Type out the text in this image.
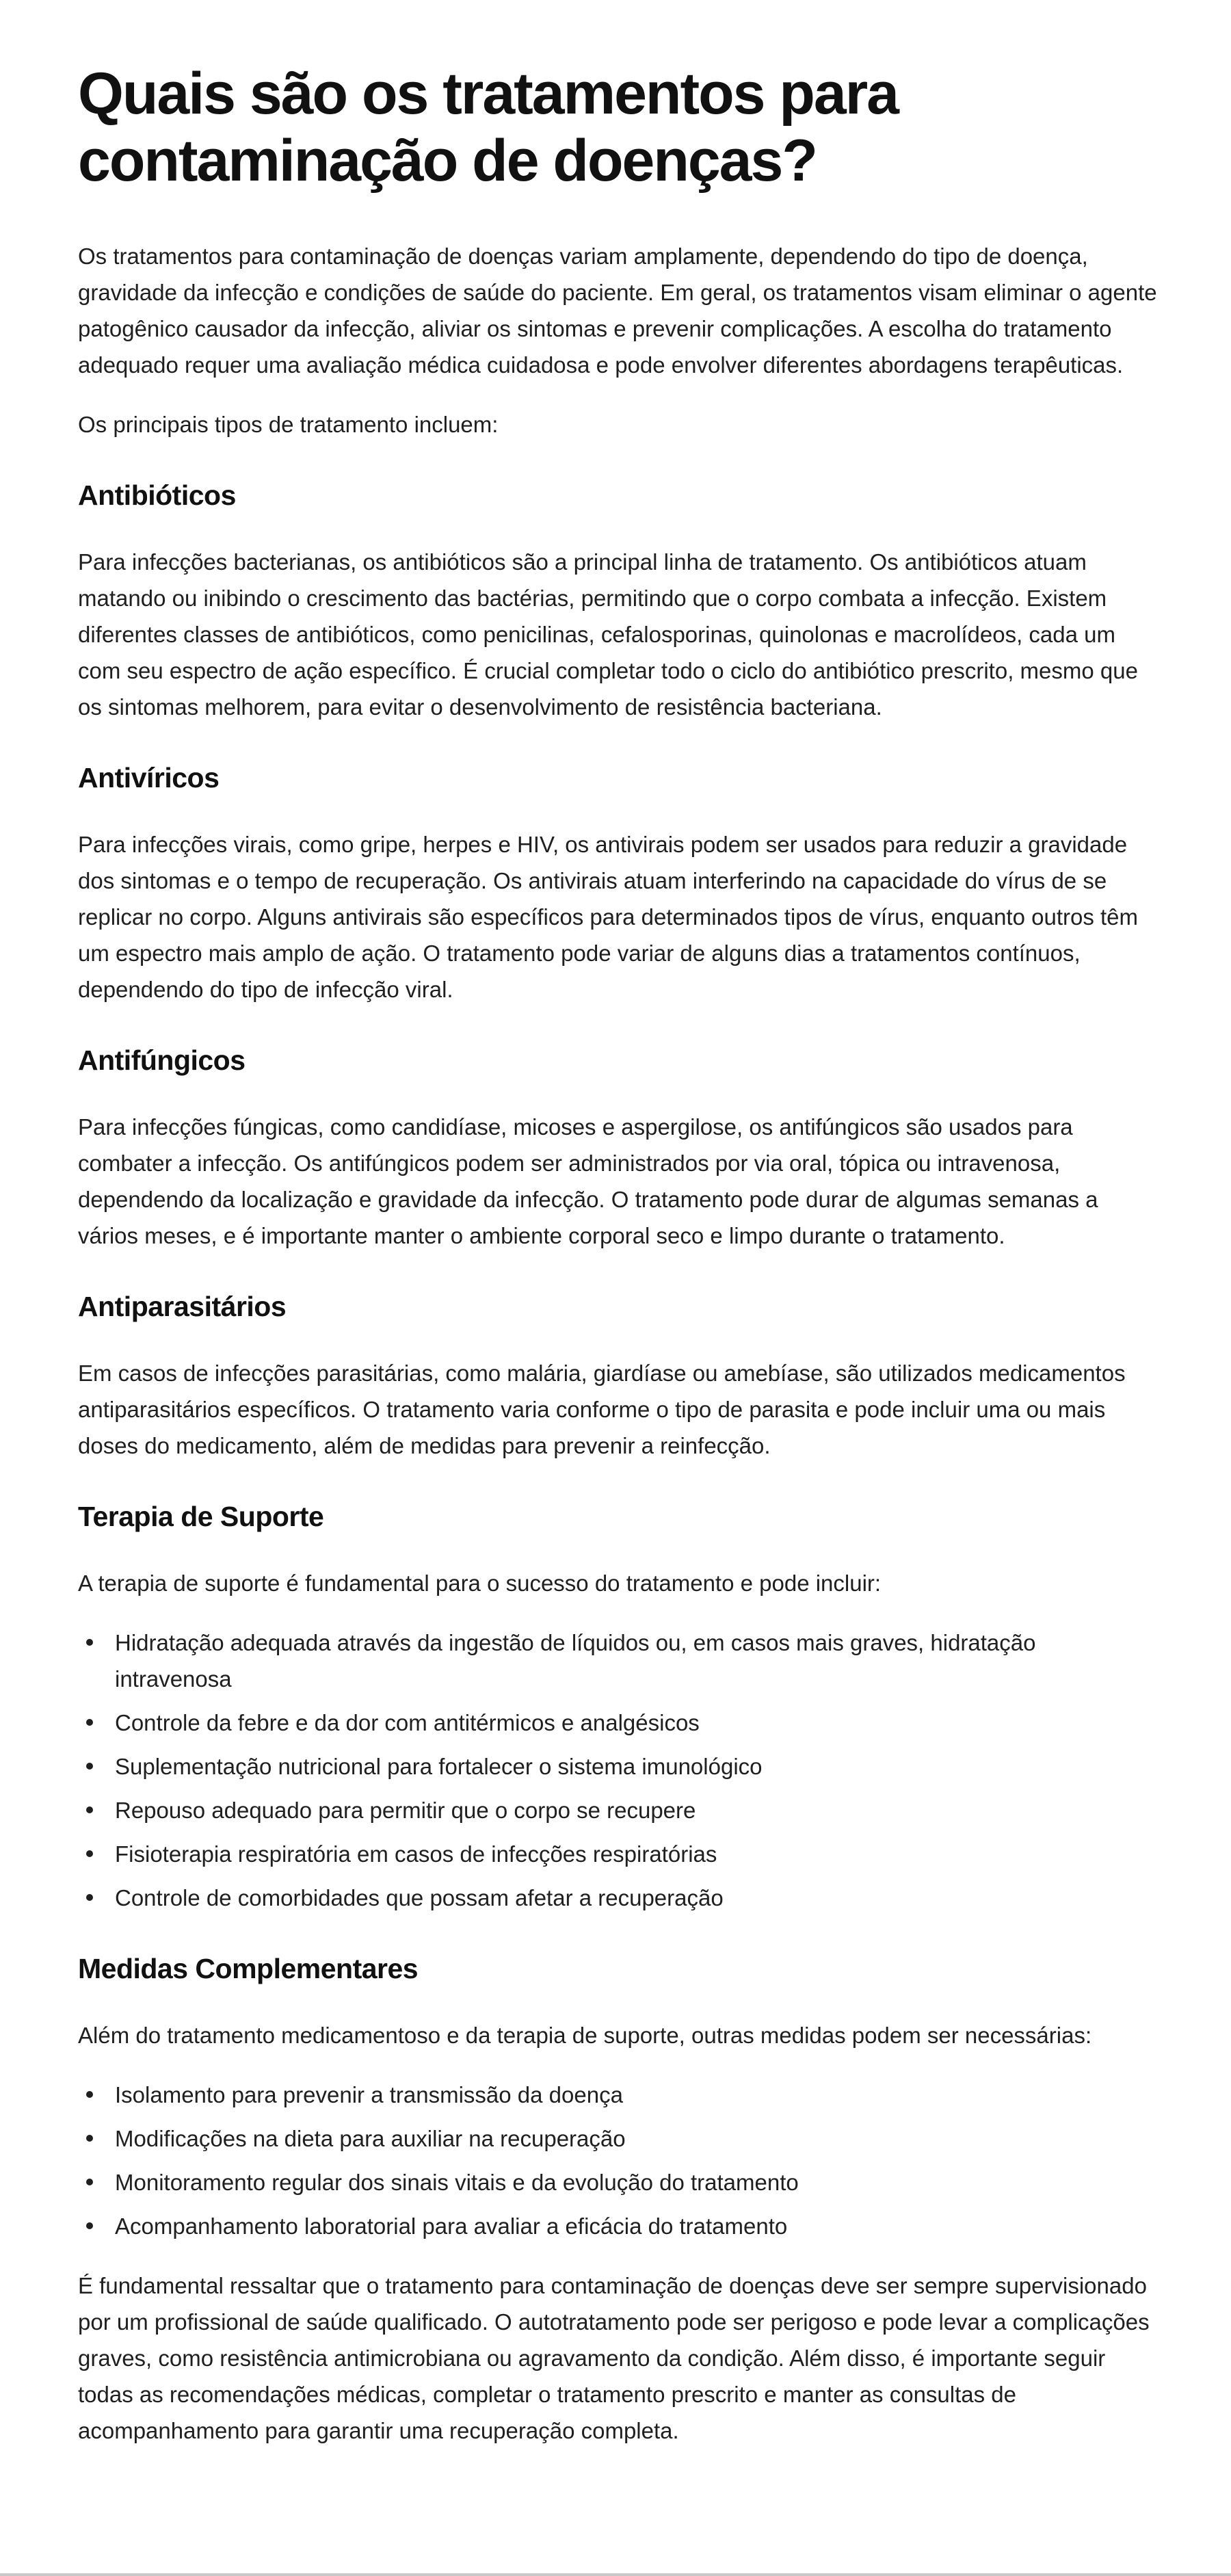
Quais são os tratamentos para contaminação de doenças?

Os tratamentos para contaminação de doenças variam amplamente, dependendo do tipo de doença, gravidade da infecção e condições de saúde do paciente. Em geral, os tratamentos visam eliminar o agente patogênico causador da infecção, aliviar os sintomas e prevenir complicações. A escolha do tratamento adequado requer uma avaliação médica cuidadosa e pode envolver diferentes abordagens terapêuticas.

Os principais tipos de tratamento incluem:

Antibióticos

Para infecções bacterianas, os antibióticos são a principal linha de tratamento. Os antibióticos atuam matando ou inibindo o crescimento das bactérias, permitindo que o corpo combata a infecção. Existem diferentes classes de antibióticos, como penicilinas, cefalosporinas, quinolonas e macrolídeos, cada um com seu espectro de ação específico. É crucial completar todo o ciclo do antibiótico prescrito, mesmo que os sintomas melhorem, para evitar o desenvolvimento de resistência bacteriana.

Antivíricos

Para infecções virais, como gripe, herpes e HIV, os antivirais podem ser usados para reduzir a gravidade dos sintomas e o tempo de recuperação. Os antivirais atuam interferindo na capacidade do vírus de se replicar no corpo. Alguns antivirais são específicos para determinados tipos de vírus, enquanto outros têm um espectro mais amplo de ação. O tratamento pode variar de alguns dias a tratamentos contínuos, dependendo do tipo de infecção viral.

Antifúngicos

Para infecções fúngicas, como candidíase, micoses e aspergilose, os antifúngicos são usados para combater a infecção. Os antifúngicos podem ser administrados por via oral, tópica ou intravenosa, dependendo da localização e gravidade da infecção. O tratamento pode durar de algumas semanas a vários meses, e é importante manter o ambiente corporal seco e limpo durante o tratamento.

Antiparasitários

Em casos de infecções parasitárias, como malária, giardíase ou amebíase, são utilizados medicamentos antiparasitários específicos. O tratamento varia conforme o tipo de parasita e pode incluir uma ou mais doses do medicamento, além de medidas para prevenir a reinfecção.

Terapia de Suporte

A terapia de suporte é fundamental para o sucesso do tratamento e pode incluir:

Hidratação adequada através da ingestão de líquidos ou, em casos mais graves, hidratação intravenosa
Controle da febre e da dor com antitérmicos e analgésicos
Suplementação nutricional para fortalecer o sistema imunológico
Repouso adequado para permitir que o corpo se recupere
Fisioterapia respiratória em casos de infecções respiratórias
Controle de comorbidades que possam afetar a recuperação
Medidas Complementares

Além do tratamento medicamentoso e da terapia de suporte, outras medidas podem ser necessárias:

Isolamento para prevenir a transmissão da doença
Modificações na dieta para auxiliar na recuperação
Monitoramento regular dos sinais vitais e da evolução do tratamento
Acompanhamento laboratorial para avaliar a eficácia do tratamento

É fundamental ressaltar que o tratamento para contaminação de doenças deve ser sempre supervisionado por um profissional de saúde qualificado. O autotratamento pode ser perigoso e pode levar a complicações graves, como resistência antimicrobiana ou agravamento da condição. Além disso, é importante seguir todas as recomendações médicas, completar o tratamento prescrito e manter as consultas de acompanhamento para garantir uma recuperação completa.
